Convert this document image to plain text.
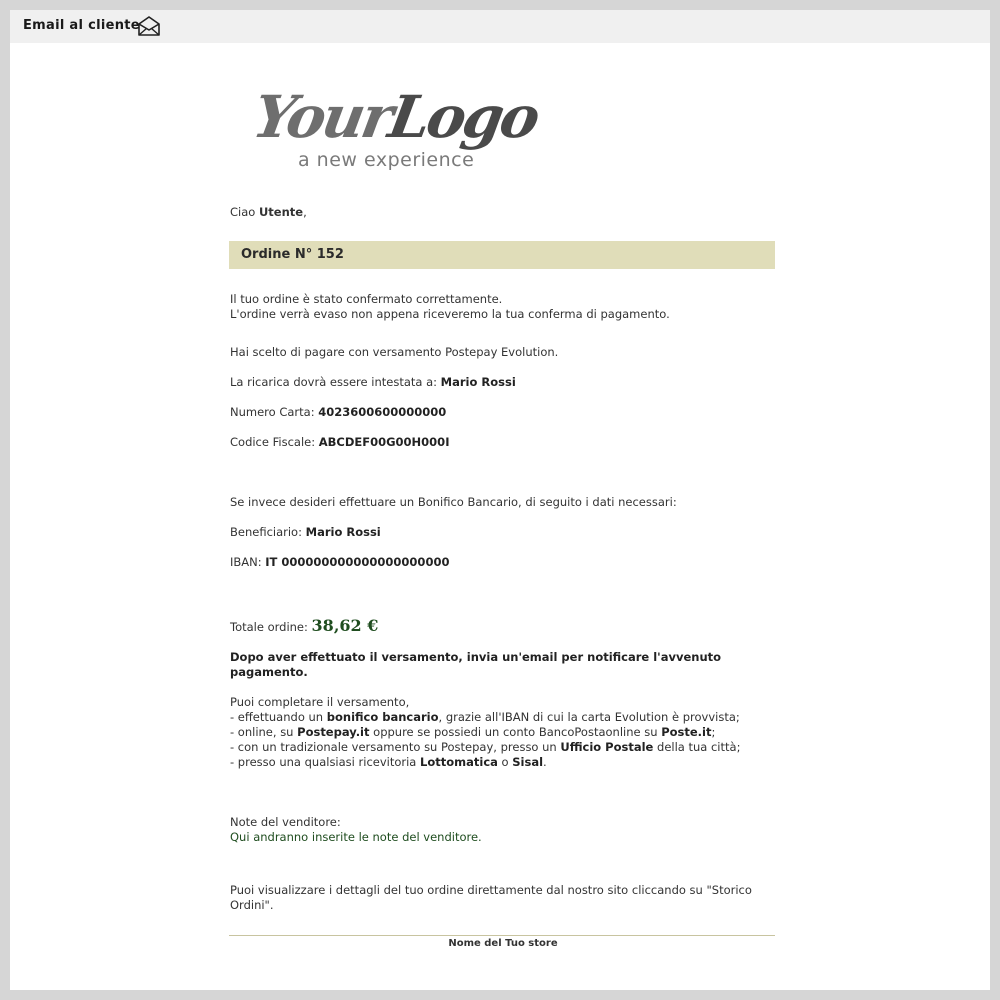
Email al cliente
YourLogo
a new experience
Ciao Utente,
Ordine N° 152
Il tuo ordine è stato confermato correttamente.
L'ordine verrà evaso non appena riceveremo la tua conferma di pagamento.
Hai scelto di pagare con versamento Postepay Evolution.
La ricarica dovrà essere intestata a: Mario Rossi
Numero Carta: 4023600600000000
Codice Fiscale: ABCDEF00G00H000I
Se invece desideri effettuare un Bonifico Bancario, di seguito i dati necessari:
Beneficiario: Mario Rossi
IBAN: IT 000000000000000000000
Totale ordine: 38,62 €
Dopo aver effettuato il versamento, invia un'email per notificare l'avvenuto
pagamento.
Puoi completare il versamento,
- effettuando un bonifico bancario, grazie all'IBAN di cui la carta Evolution è provvista;
- online, su Postepay.it oppure se possiedi un conto BancoPostaonline su Poste.it;
- con un tradizionale versamento su Postepay, presso un Ufficio Postale della tua città;
- presso una qualsiasi ricevitoria Lottomatica o Sisal.
Note del venditore:
Qui andranno inserite le note del venditore.
Puoi visualizzare i dettagli del tuo ordine direttamente dal nostro sito cliccando su "Storico
Ordini".
Nome del Tuo store
